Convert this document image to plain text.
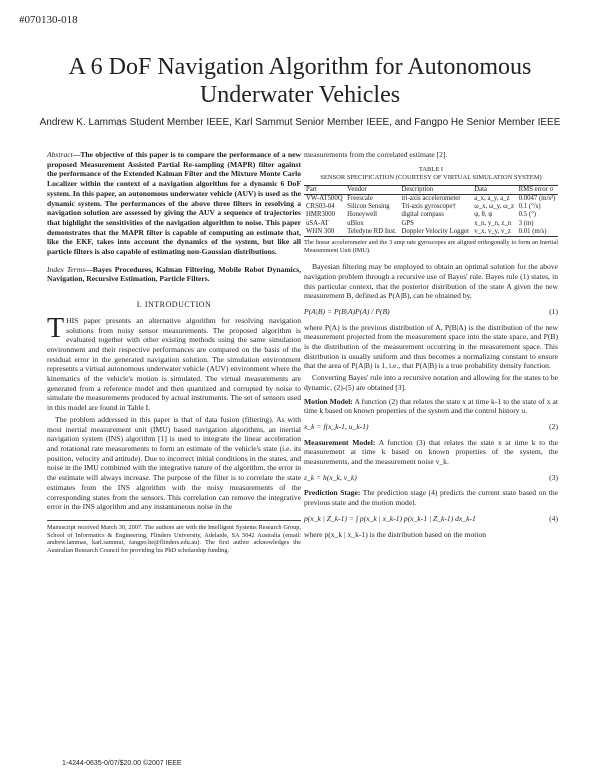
#070130-018
A 6 DoF Navigation Algorithm for Autonomous
Underwater Vehicles
Andrew K. Lammas Student Member IEEE, Karl Sammut Senior Member IEEE, and Fangpo He Senior Member IEEE
Abstract—The objective of this paper is to compare the performance of a new proposed Measurement Assisted Partial Re-sampling (MAPR) filter against the performance of the Extended Kalman Filter and the Mixture Monte Carlo Localizer within the context of a navigation algorithm for a dynamic 6 DoF system. In this paper, an autonomous underwater vehicle (AUV) is used as the dynamic system. The performances of the above three filters in resolving a navigation solution are assessed by giving the AUV a sequence of trajectories that highlight the sensitivities of the navigation algorithm to noise. This paper demonstrates that the MAPR filter is capable of computing an estimate that, like the EKF, takes into account the dynamics of the system, but like all particle filters is also capable of estimating non-Gaussian distributions.
Index Terms—Bayes Procedures, Kalman Filtering, Mobile Robot Dynamics, Navigation, Recursive Estimation, Particle Filters.
I. INTRODUCTION

THIS paper presents an alternative algorithm for resolving navigation solutions from noisy sensor measurements. The proposed algorithm is evaluated together with other existing methods using the same simulation environment and their respective performances are compared on the basis of the residual error in the generated navigation solution. The simulation environment represents a virtual autonomous underwater vehicle (AUV) environment where the kinematics of the vehicle's motion is simulated. The virtual measurements are generated from a reference model and then quantized and corrupted by noise to simulate the measurements produced by actual instruments. The set of sensors used in this model are found in Table I.

The problem addressed in this paper is that of data fusion (filtering). As with most inertial measurement unit (IMU) based navigation algorithms, an inertial navigation system (INS) algorithm [1] is used to integrate the linear acceleration and rotational rate measurements to form an estimate of the vehicle's state (i.e. its position, velocity and attitude). Due to incorrect initial conditions in the states, and noise in the IMU combined with the integrative nature of the algorithm, the error in the estimate will always increase. The purpose of the filter is to correlate the state estimates from the INS algorithm with the noisy measurements of the corresponding states from the sensors. This correlation can remove the integrative error in the INS algorithm and any instantaneous noise in the

Manuscript received March 30, 2007. The authors are with the Intelligent Systems Research Group, School of Informatics & Engineering, Flinders University, Adelaide, SA 5042 Australia (email: andrew.lammas, karl.sammut, fangpo.he@flinders.edu.au). The first author acknowledges the Australian Research Council for providing his PhD scholarship funding.

measurements from the correlated estimate [2].

TABLE I
SENSOR SPECIFICATION (COURTESY OF VIRTUAL SIMULATION SYSTEM)
Part	Vendor	Description	Data	RMS error σ
VW-AT500Q	Freescale	tri-axis accelerometer	a_x, a_y, a_z	0.0047 (m/s²)
CRS03-04	Silicon Sensing	Tri-axis gyroscope†	ω_x, ω_y, ω_z	0.1 (°/s)
HMR3000	Honeywell	digital compass	φ, θ, ψ	0.5 (°)
uSA-AT	uBlox	GPS	x_n, y_n, z_n	3 (m)
WHN 300	Teledyne RD Inst.	Doppler Velocity Logger	v_x, v_y, v_z	0.01 (m/s)
The linear accelerometer and the 3 amp rate gyroscopes are aligned orthogonally to form an Inertial Measurement Unit (IMU).

Bayesian filtering may be employed to obtain an optimal solution for the above navigation problem through a recursive use of Bayes' rule. Bayes rule (1) states, in this particular context, that the posterior distribution of the state A given the new measurement B, defined as P(A|B), can be obtained by,

P(A|B) = P(B|A)P(A) / P(B)	(1)

where P(A) is the previous distribution of A, P(B|A) is the distribution of the new measurement projected from the measurement space into the state space, and P(B) is the distribution of the measurement occurring in the measurement space. This distribution is usually uniform and thus becomes a normalizing constant to ensure that the area of P(A|B) is 1, i.e., that P(A|B) is a true probability density function.

Converting Bayes' rule into a recursive notation and allowing for the states to be dynamic, (2)-(5) are obtained [3].

Motion Model: A function (2) that relates the state x at time k-1 to the state of x at time k based on known properties of the system and the control history u.

x_k = f(x_k-1, u_k-1)	(2)

Measurement Model: A function (3) that relates the state x at time k to the measurement at time k based on known properties of the system, the measurements, and the measurement noise v_k.

z_k = h(x_k, v_k)	(3)

Prediction Stage: The prediction stage (4) predicts the current state based on the previous state and the motion model.

p(x_k | Z_k-1) = ∫ p(x_k | x_k-1) p(x_k-1 | Z_k-1) dx_k-1	(4)

where p(x_k | x_k-1) is the distribution based on the motion

1-4244-0635-0/07/$20.00 ©2007 IEEE
